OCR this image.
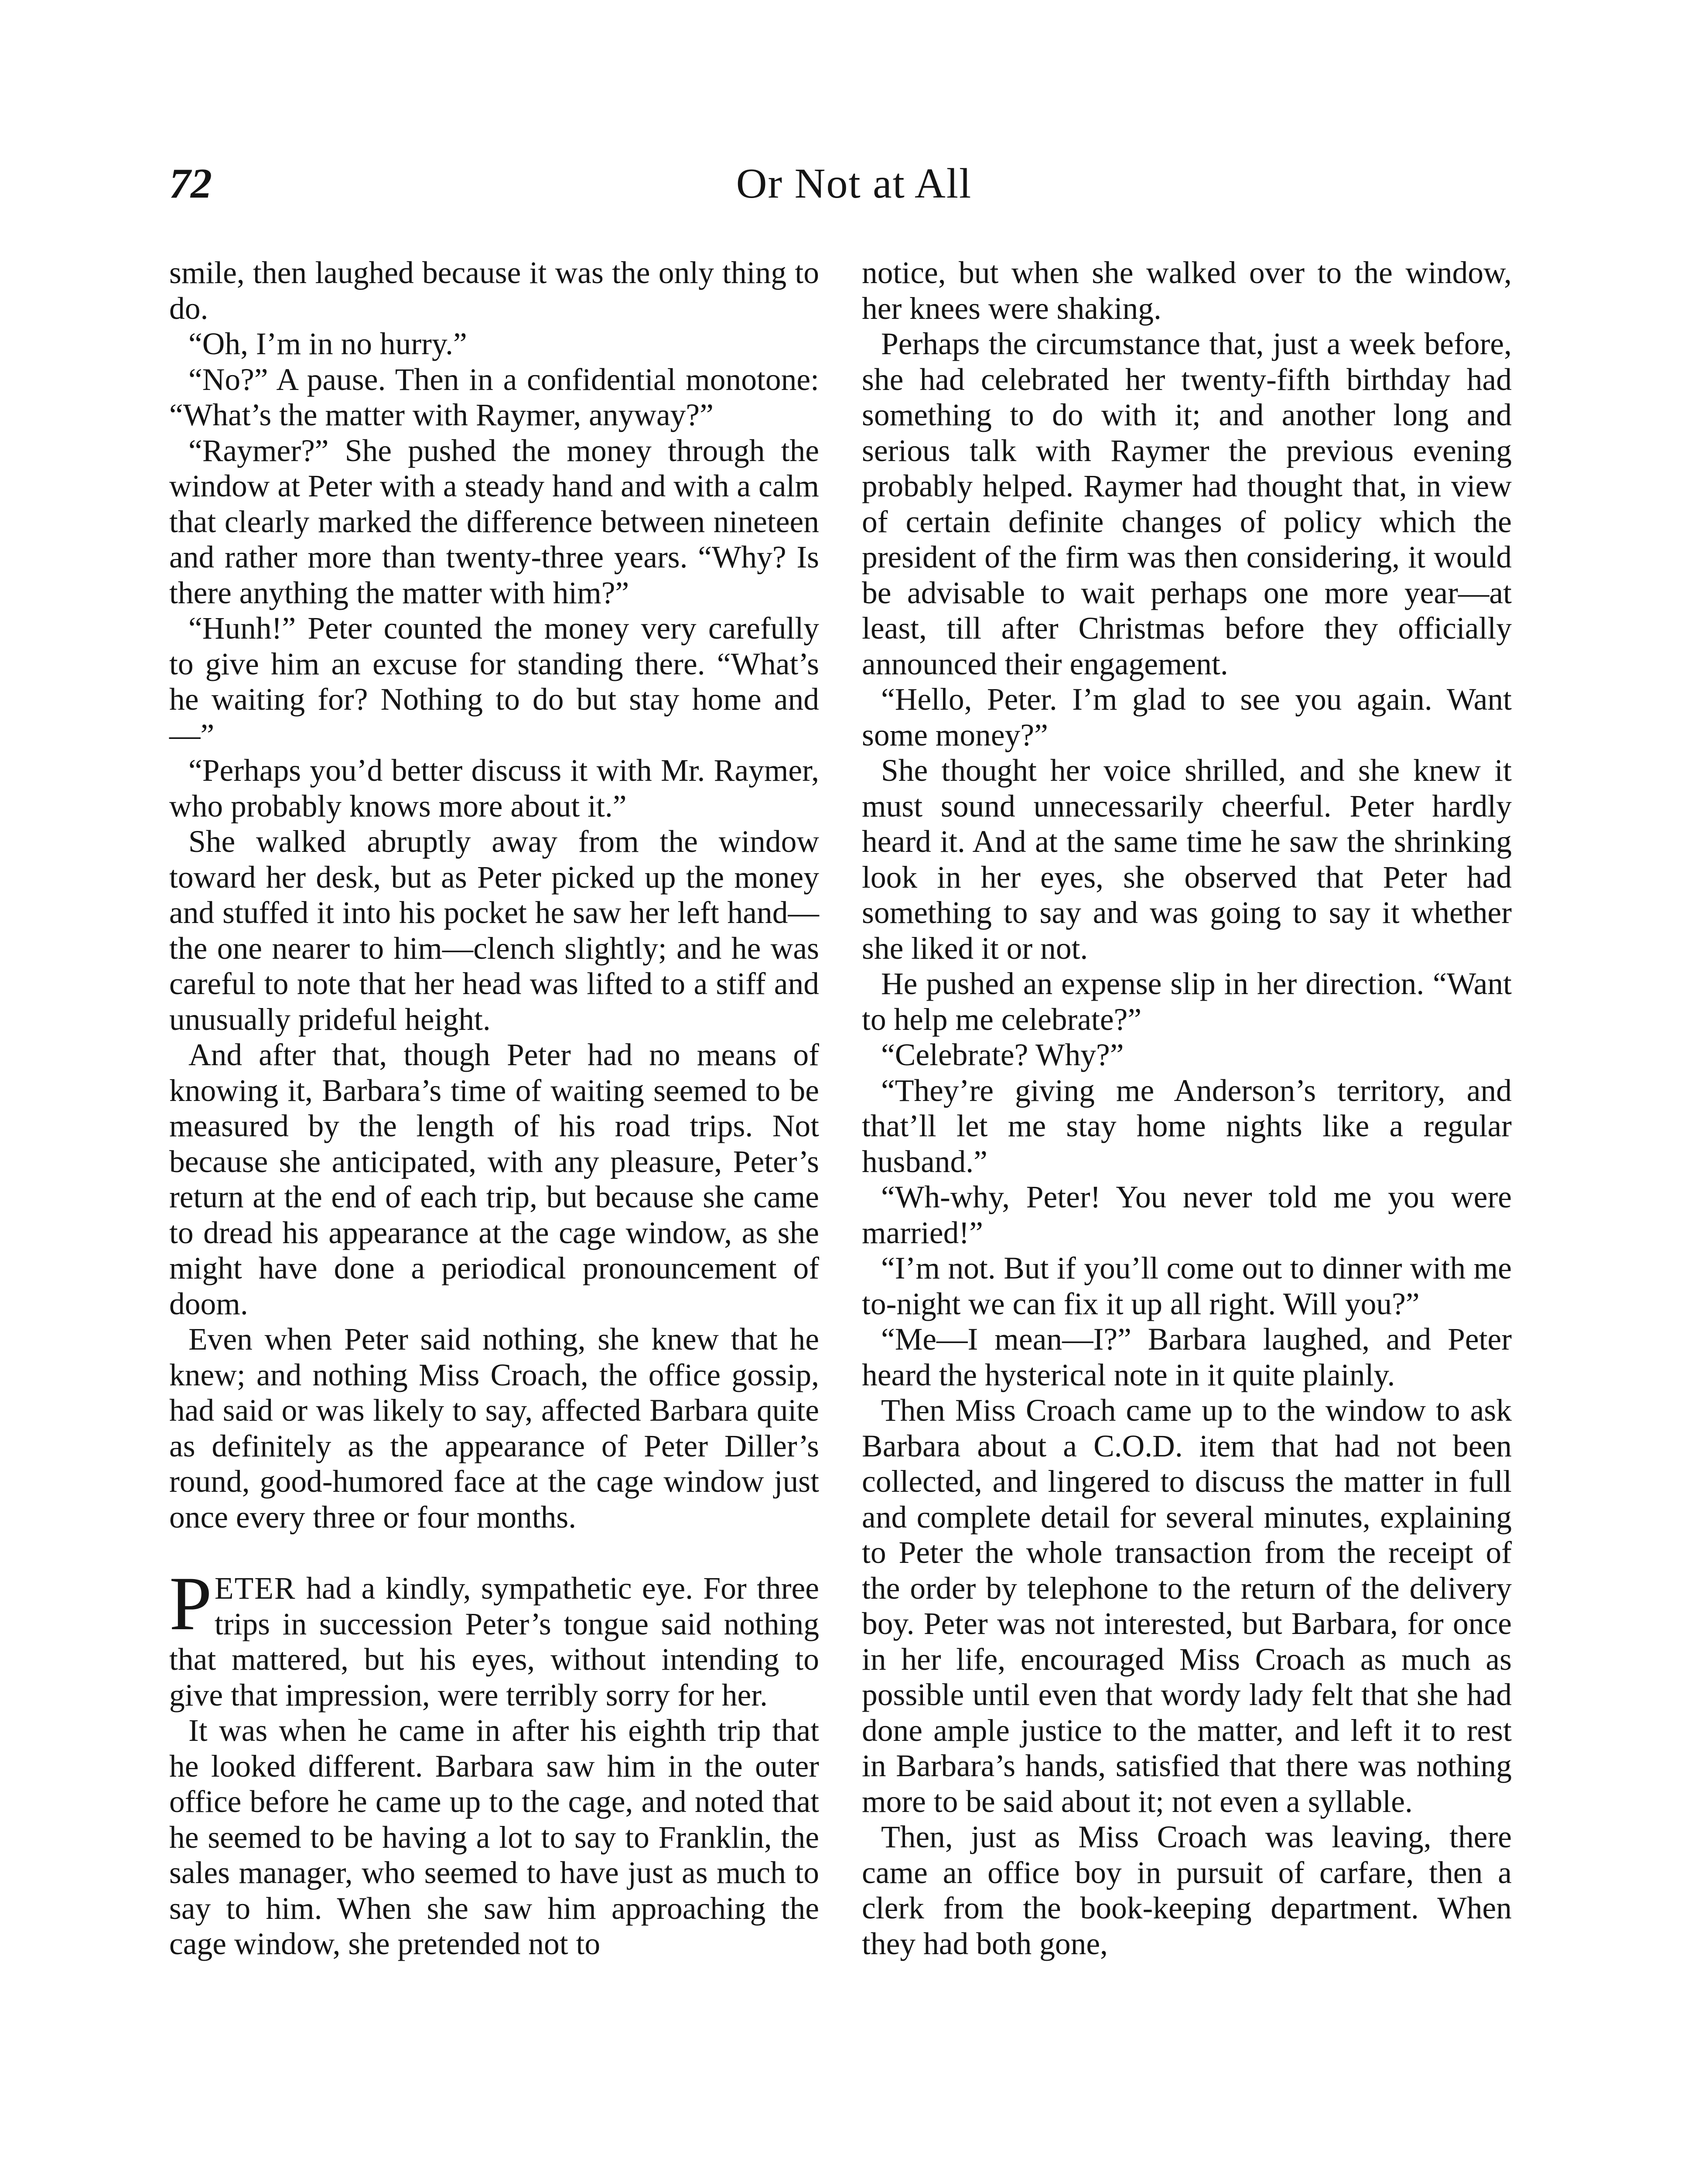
72	Or Not at All

smile, then laughed because it was the only thing to do.

“Oh, I’m in no hurry.”

“No?” A pause. Then in a confidential monotone: “What’s the matter with Raymer, anyway?”

“Raymer?” She pushed the money through the window at Peter with a steady hand and with a calm that clearly marked the difference between nineteen and rather more than twenty-three years. “Why? Is there anything the matter with him?”

“Hunh!” Peter counted the money very carefully to give him an excuse for standing there. “What’s he waiting for? Nothing to do but stay home and—”

“Perhaps you’d better discuss it with Mr. Raymer, who probably knows more about it.”

She walked abruptly away from the window toward her desk, but as Peter picked up the money and stuffed it into his pocket he saw her left hand—the one nearer to him—clench slightly; and he was careful to note that her head was lifted to a stiff and unusually prideful height.

And after that, though Peter had no means of knowing it, Barbara’s time of waiting seemed to be measured by the length of his road trips. Not because she anticipated, with any pleasure, Peter’s return at the end of each trip, but because she came to dread his appearance at the cage window, as she might have done a periodical pronouncement of doom.

Even when Peter said nothing, she knew that he knew; and nothing Miss Croach, the office gossip, had said or was likely to say, affected Barbara quite as definitely as the appearance of Peter Diller’s round, good-humored face at the cage window just once every three or four months.

PETER had a kindly, sympathetic eye. For three trips in succession Peter’s tongue said nothing that mattered, but his eyes, without intending to give that impression, were terribly sorry for her.

It was when he came in after his eighth trip that he looked different. Barbara saw him in the outer office before he came up to the cage, and noted that he seemed to be having a lot to say to Franklin, the sales manager, who seemed to have just as much to say to him. When she saw him approaching the cage window, she pretended not to

notice, but when she walked over to the window, her knees were shaking.

Perhaps the circumstance that, just a week before, she had celebrated her twenty-fifth birthday had something to do with it; and another long and serious talk with Raymer the previous evening probably helped. Raymer had thought that, in view of certain definite changes of policy which the president of the firm was then considering, it would be advisable to wait perhaps one more year—at least, till after Christmas before they officially announced their engagement.

“Hello, Peter. I’m glad to see you again. Want some money?”

She thought her voice shrilled, and she knew it must sound unnecessarily cheerful. Peter hardly heard it. And at the same time he saw the shrinking look in her eyes, she observed that Peter had something to say and was going to say it whether she liked it or not.

He pushed an expense slip in her direction. “Want to help me celebrate?”

“Celebrate? Why?”

“They’re giving me Anderson’s territory, and that’ll let me stay home nights like a regular husband.”

“Wh-why, Peter! You never told me you were married!”

“I’m not. But if you’ll come out to dinner with me to-night we can fix it up all right. Will you?”

“Me—I mean—I?” Barbara laughed, and Peter heard the hysterical note in it quite plainly.

Then Miss Croach came up to the window to ask Barbara about a C.O.D. item that had not been collected, and lingered to discuss the matter in full and complete detail for several minutes, explaining to Peter the whole transaction from the receipt of the order by telephone to the return of the delivery boy. Peter was not interested, but Barbara, for once in her life, encouraged Miss Croach as much as possible until even that wordy lady felt that she had done ample justice to the matter, and left it to rest in Barbara’s hands, satisfied that there was nothing more to be said about it; not even a syllable.

Then, just as Miss Croach was leaving, there came an office boy in pursuit of carfare, then a clerk from the book-keeping department. When they had both gone,
